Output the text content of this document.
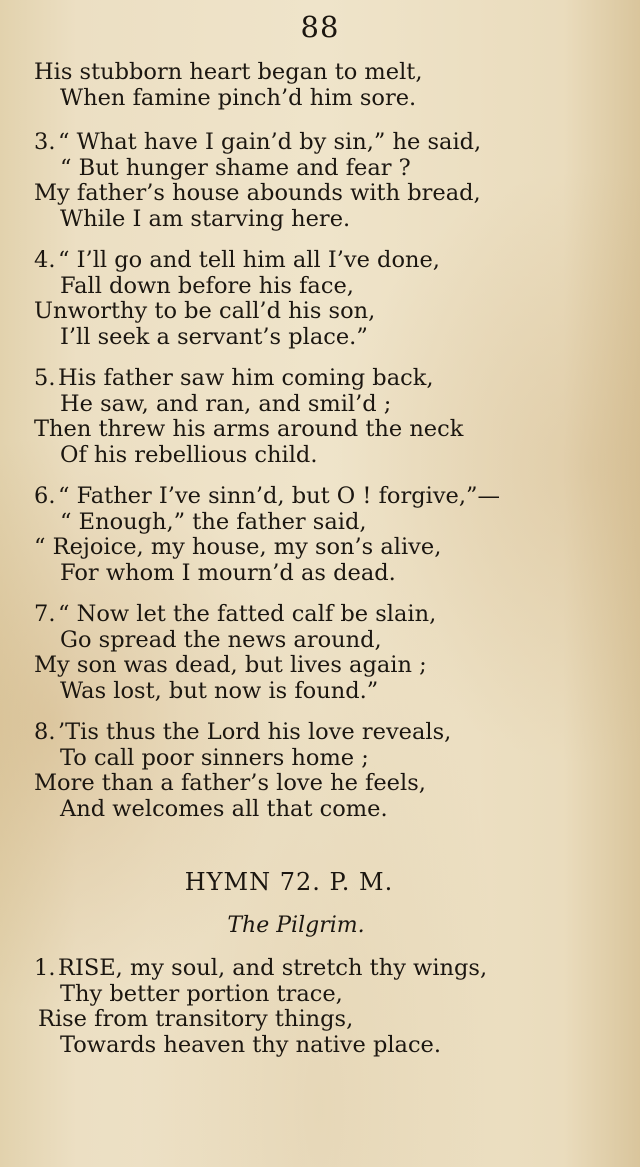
88
His stubborn heart began to melt,
When famine pinch’d him sore.
3. “ What have I gain’d by sin,” he said,
“ But hunger shame and fear ?
My father’s house abounds with bread,
While I am starving here.
4. “ I’ll go and tell him all I’ve done,
Fall down before his face,
Unworthy to be call’d his son,
I’ll seek a servant’s place.”
5. His father saw him coming back,
He saw, and ran, and smil’d ;
Then threw his arms around the neck
Of his rebellious child.
6. “ Father I’ve sinn’d, but O ! forgive,”—
“ Enough,” the father said,
“ Rejoice, my house, my son’s alive,
For whom I mourn’d as dead.
7. “ Now let the fatted calf be slain,
Go spread the news around,
My son was dead, but lives again ;
Was lost, but now is found.”
8. ’Tis thus the Lord his love reveals,
To call poor sinners home ;
More than a father’s love he feels,
And welcomes all that come.
HYMN 72. P. M.
The Pilgrim.
1. RISE, my soul, and stretch thy wings,
Thy better portion trace,
Rise from transitory things,
Towards heaven thy native place.
